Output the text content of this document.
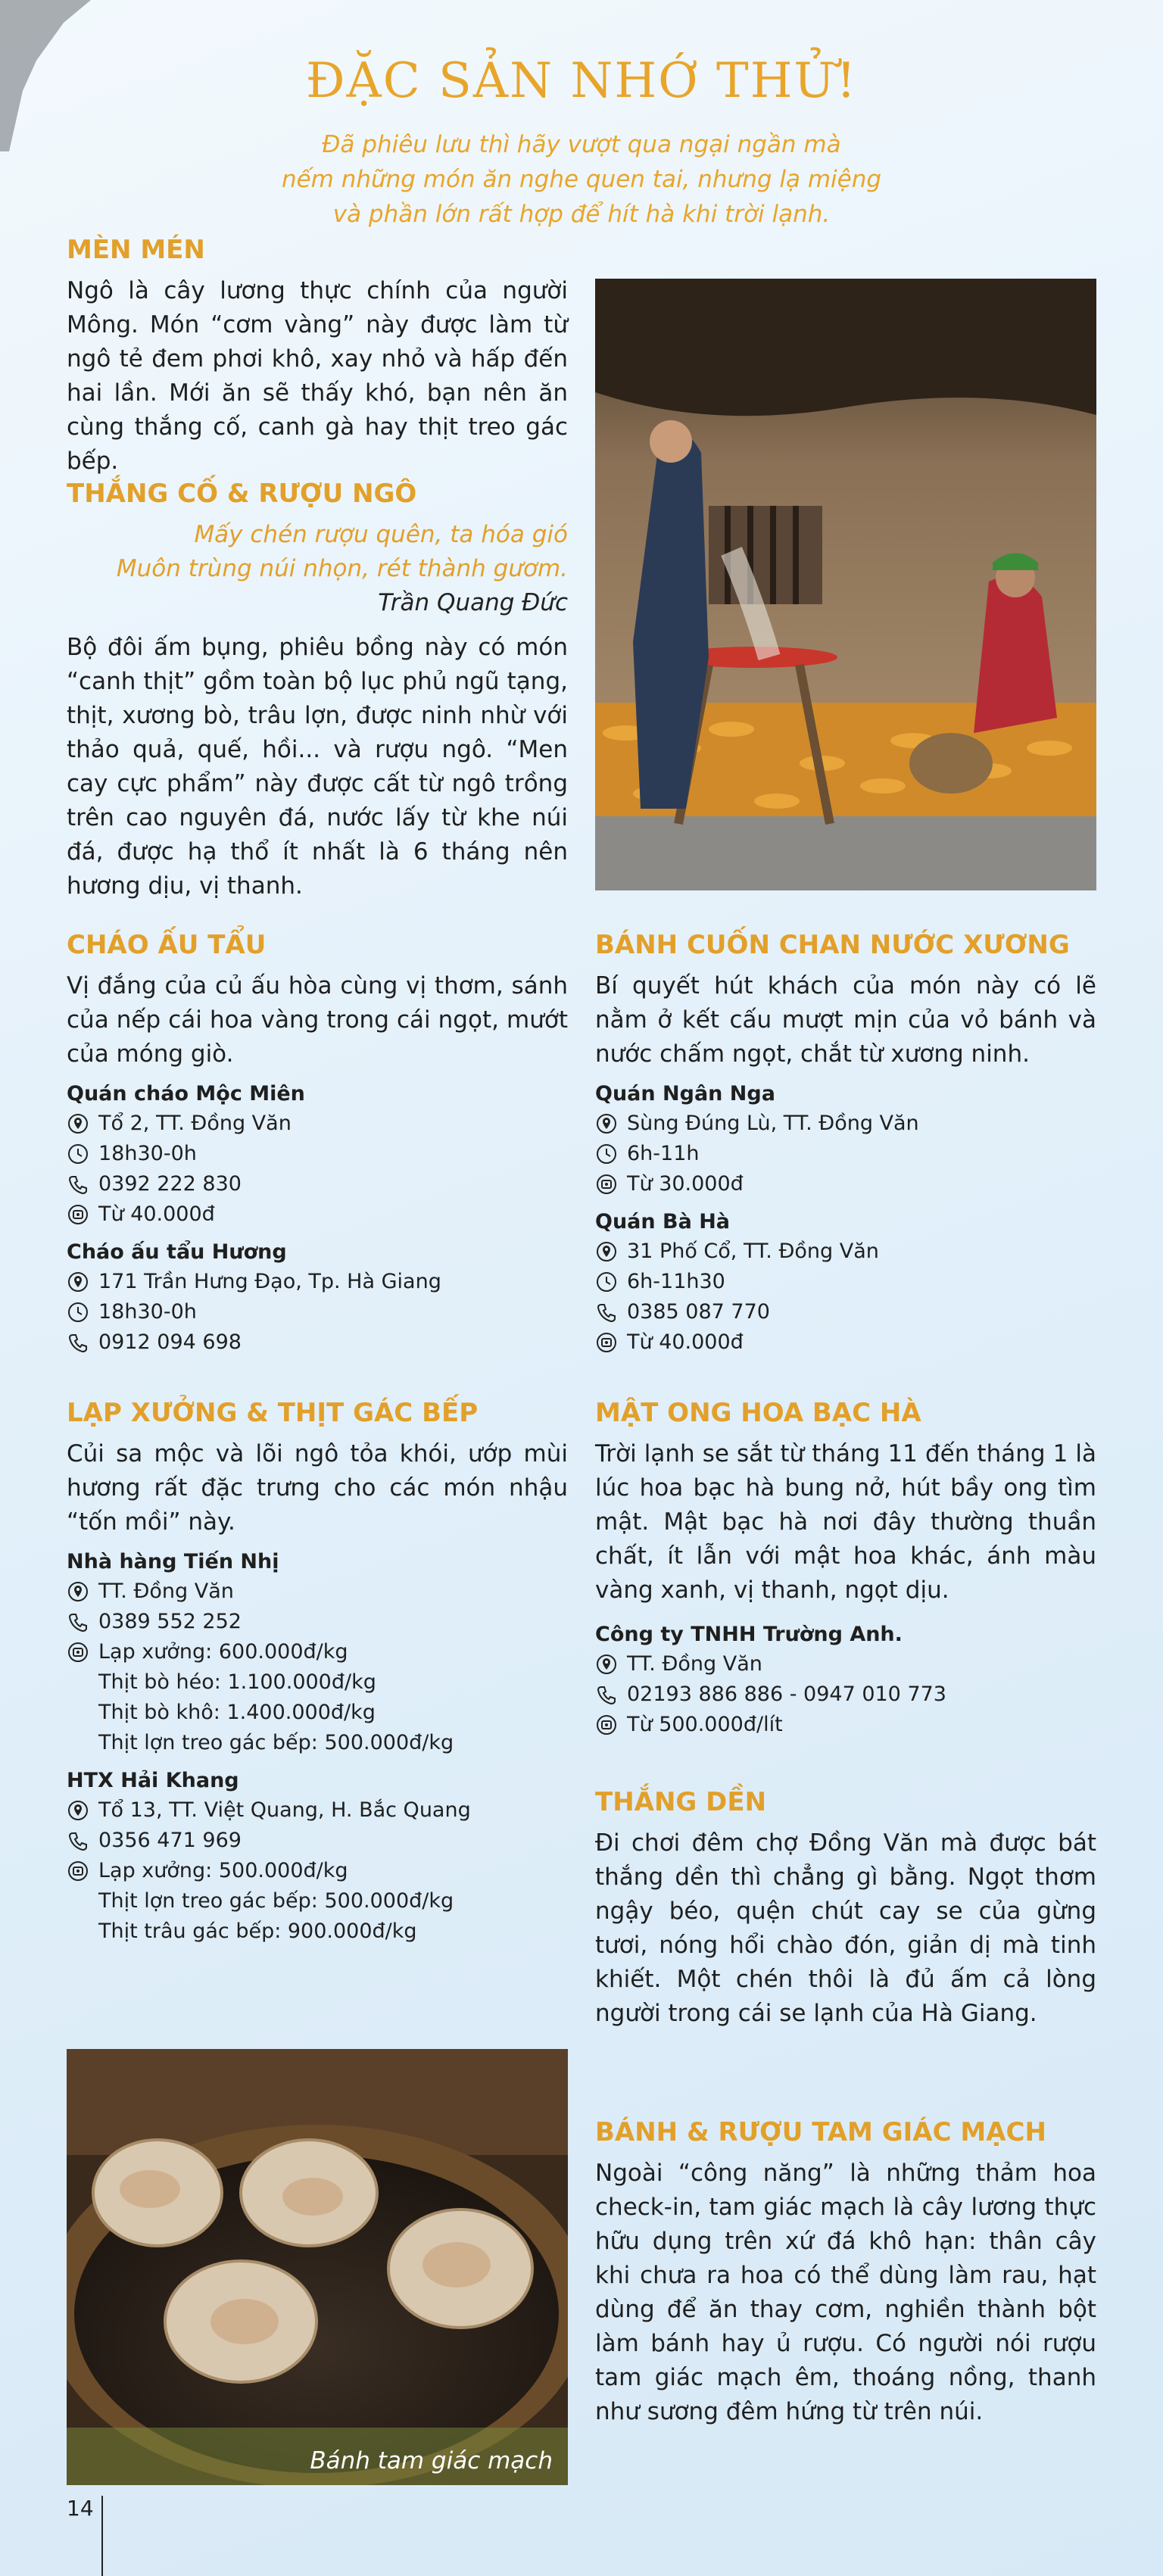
ĐẶC SẢN NHỚ THỬ!
Đã phiêu lưu thì hãy vượt qua ngại ngần mà
nếm những món ăn nghe quen tai, nhưng lạ miệng
và phần lớn rất hợp để hít hà khi trời lạnh.
MÈN MÉN

Ngô là cây lương thực chính của người Mông. Món “cơm vàng” này được làm từ ngô tẻ đem phơi khô, xay nhỏ và hấp đến hai lần. Mới ăn sẽ thấy khó, bạn nên ăn cùng thắng cố, canh gà hay thịt treo gác bếp.

THẮNG CỐ & RƯỢU NGÔ
Mấy chén rượu quên, ta hóa gió
Muôn trùng núi nhọn, rét thành gươm.
Trần Quang Đức

Bộ đôi ấm bụng, phiêu bồng này có món “canh thịt” gồm toàn bộ lục phủ ngũ tạng, thịt, xương bò, trâu lợn, được ninh nhừ với thảo quả, quế, hồi... và rượu ngô. “Men cay cực phẩm” này được cất từ ngô trồng trên cao nguyên đá, nước lấy từ khe núi đá, được hạ thổ ít nhất là 6 tháng nên hương dịu, vị thanh.

CHÁO ẤU TẨU

Vị đắng của củ ấu hòa cùng vị thơm, sánh của nếp cái hoa vàng trong cái ngọt, mướt của móng giò.

Quán cháo Mộc Miên
Tổ 2, TT. Đồng Văn
18h30-0h
0392 222 830
Từ 40.000đ
Cháo ấu tẩu Hương
171 Trần Hưng Đạo, Tp. Hà Giang
18h30-0h
0912 094 698
BÁNH CUỐN CHAN NƯỚC XƯƠNG

Bí quyết hút khách của món này có lẽ nằm ở kết cấu mượt mịn của vỏ bánh và nước chấm ngọt, chắt từ xương ninh.

Quán Ngân Nga
Sùng Đúng Lù, TT. Đồng Văn
6h-11h
Từ 30.000đ
Quán Bà Hà
31 Phố Cổ, TT. Đồng Văn
6h-11h30
0385 087 770
Từ 40.000đ
LẠP XƯỞNG & THỊT GÁC BẾP

Củi sa mộc và lõi ngô tỏa khói, ướp mùi hương rất đặc trưng cho các món nhậu “tốn mồi” này.

Nhà hàng Tiến Nhị
TT. Đồng Văn
0389 552 252
Lạp xưởng: 600.000đ/kg
Thịt bò héo: 1.100.000đ/kg
Thịt bò khô: 1.400.000đ/kg
Thịt lợn treo gác bếp: 500.000đ/kg
HTX Hải Khang
Tổ 13, TT. Việt Quang, H. Bắc Quang
0356 471 969
Lạp xưởng: 500.000đ/kg
Thịt lợn treo gác bếp: 500.000đ/kg
Thịt trâu gác bếp: 900.000đ/kg
MẬT ONG HOA BẠC HÀ

Trời lạnh se sắt từ tháng 11 đến tháng 1 là lúc hoa bạc hà bung nở, hút bầy ong tìm mật. Mật bạc hà nơi đây thường thuần chất, ít lẫn với mật hoa khác, ánh màu vàng xanh, vị thanh, ngọt dịu.

Công ty TNHH Trường Anh.
TT. Đồng Văn
02193 886 886 - 0947 010 773
Từ 500.000đ/lít
THẮNG DỀN

Đi chơi đêm chợ Đồng Văn mà được bát thắng dền thì chẳng gì bằng. Ngọt thơm ngậy béo, quện chút cay se của gừng tươi, nóng hổi chào đón, giản dị mà tinh khiết. Một chén thôi là đủ ấm cả lòng người trong cái se lạnh của Hà Giang.

Bánh tam giác mạch
BÁNH & RƯỢU TAM GIÁC MẠCH

Ngoài “công năng” là những thảm hoa check-in, tam giác mạch là cây lương thực hữu dụng trên xứ đá khô hạn: thân cây khi chưa ra hoa có thể dùng làm rau, hạt dùng để ăn thay cơm, nghiền thành bột làm bánh hay ủ rượu. Có người nói rượu tam giác mạch êm, thoáng nồng, thanh như sương đêm hứng từ trên núi.

14
